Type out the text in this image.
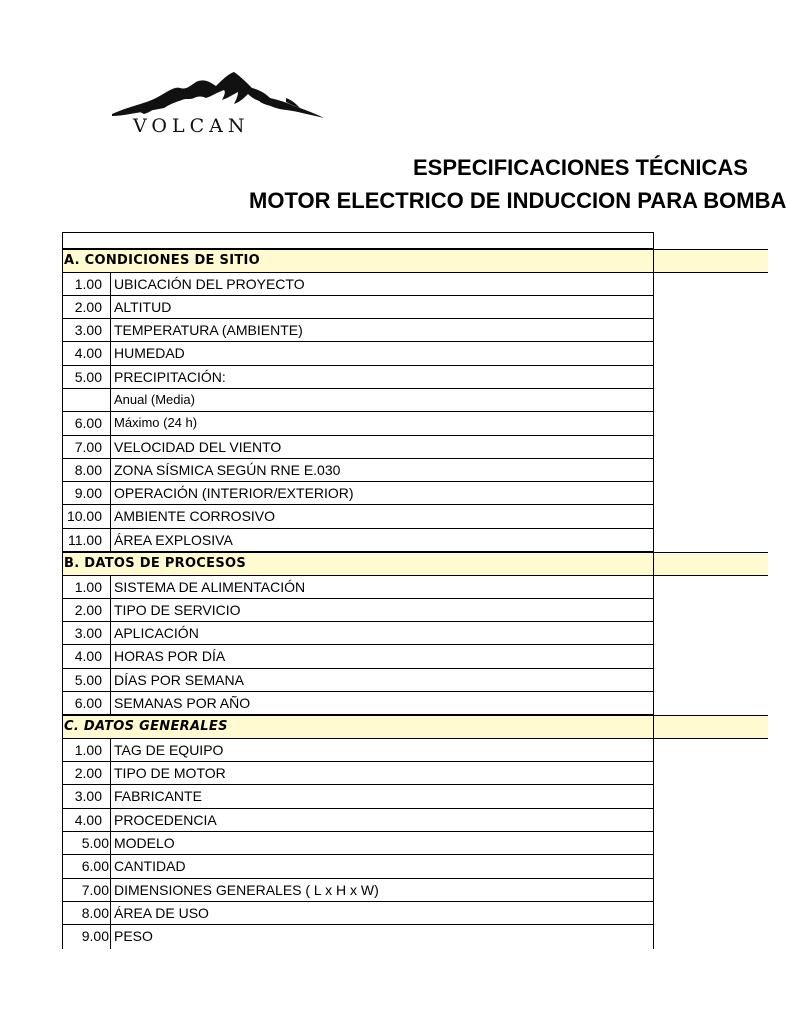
VOLCAN
ESPECIFICACIONES TÉCNICAS
MOTOR ELECTRICO DE INDUCCION PARA BOMBA
A. CONDICIONES DE SITIO
1.00 UBICACIÓN DEL PROYECTO
2.00 ALTITUD
3.00 TEMPERATURA (AMBIENTE)
4.00 HUMEDAD
5.00 PRECIPITACIÓN:
Anual (Media)
6.00 Máximo (24 h)
7.00 VELOCIDAD DEL VIENTO
8.00 ZONA SÍSMICA SEGÚN RNE E.030
9.00 OPERACIÓN (INTERIOR/EXTERIOR)
10.00 AMBIENTE CORROSIVO
11.00 ÁREA EXPLOSIVA
B. DATOS DE PROCESOS
1.00 SISTEMA DE ALIMENTACIÓN
2.00 TIPO DE SERVICIO
3.00 APLICACIÓN
4.00 HORAS POR DÍA
5.00 DÍAS POR SEMANA
6.00 SEMANAS POR AÑO
C. DATOS GENERALES
1.00 TAG DE EQUIPO
2.00 TIPO DE MOTOR
3.00 FABRICANTE
4.00 PROCEDENCIA
5.00 MODELO
6.00 CANTIDAD
7.00 DIMENSIONES GENERALES ( L x H x W)
8.00 ÁREA DE USO
9.00 PESO
